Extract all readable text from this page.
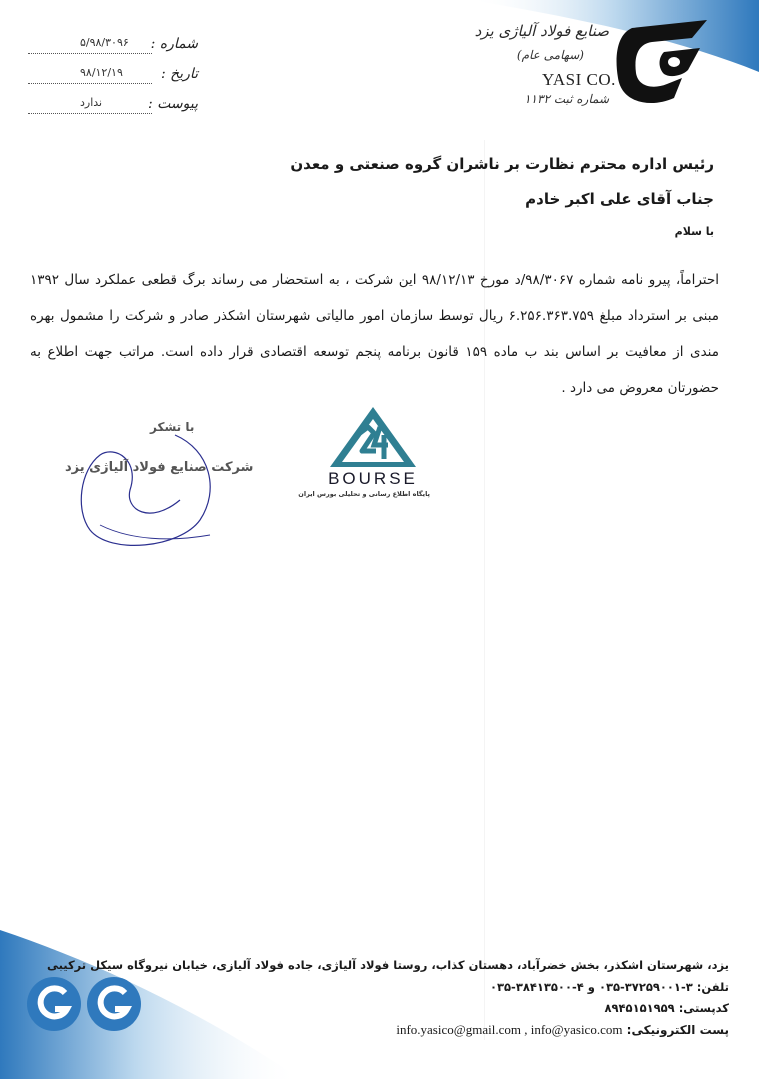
صنایع فولاد آلیاژی یزد
(سهامی عام)
YASI CO.
شماره ثبت ۱۱۳۲
شماره :
۵/۹۸/۳۰۹۶
تاریخ :
۹۸/۱۲/۱۹
پیوست :
ندارد
رئیس اداره محترم نظارت بر ناشران گروه صنعتی و معدن
جناب آقای علی اکبر خادم
با سلام
احتراماً، پیرو نامه شماره ۹۸/۳۰۶۷/د مورخ ۹۸/۱۲/۱۳ این شرکت ، به استحضار می رساند برگ قطعی عملکرد سال ۱۳۹۲ مبنی بر استرداد مبلغ ۶.۲۵۶.۳۶۳.۷۵۹ ریال توسط سازمان امور مالیاتی شهرستان اشکذر صادر و شرکت را مشمول بهره مندی از معافیت بر اساس بند ب ماده ۱۵۹ قانون برنامه پنجم توسعه اقتصادی قرار داده است. مراتب جهت اطلاع به حضورتان معروض می دارد .
با تشکر
شرکت صنایع فولاد آلیاژی یزد
BOURSE
پایگاه اطلاع رسانی و تحلیلی بورس ایران
یزد، شهرستان اشکذر، بخش خضرآباد، دهستان کذاب، روستا فولاد آلیاژی، جاده فولاد آلیازی، خیابان نیروگاه سیکل ترکیبی
تلفن: ۳-۳۷۲۵۹۰۰۱-۰۳۵ و ۴-۳۸۴۱۳۵۰۰-۰۳۵
کدپستی: ۸۹۴۵۱۵۱۹۵۹
پست الکترونیکی: info.yasico@gmail.com , info@yasico.com
